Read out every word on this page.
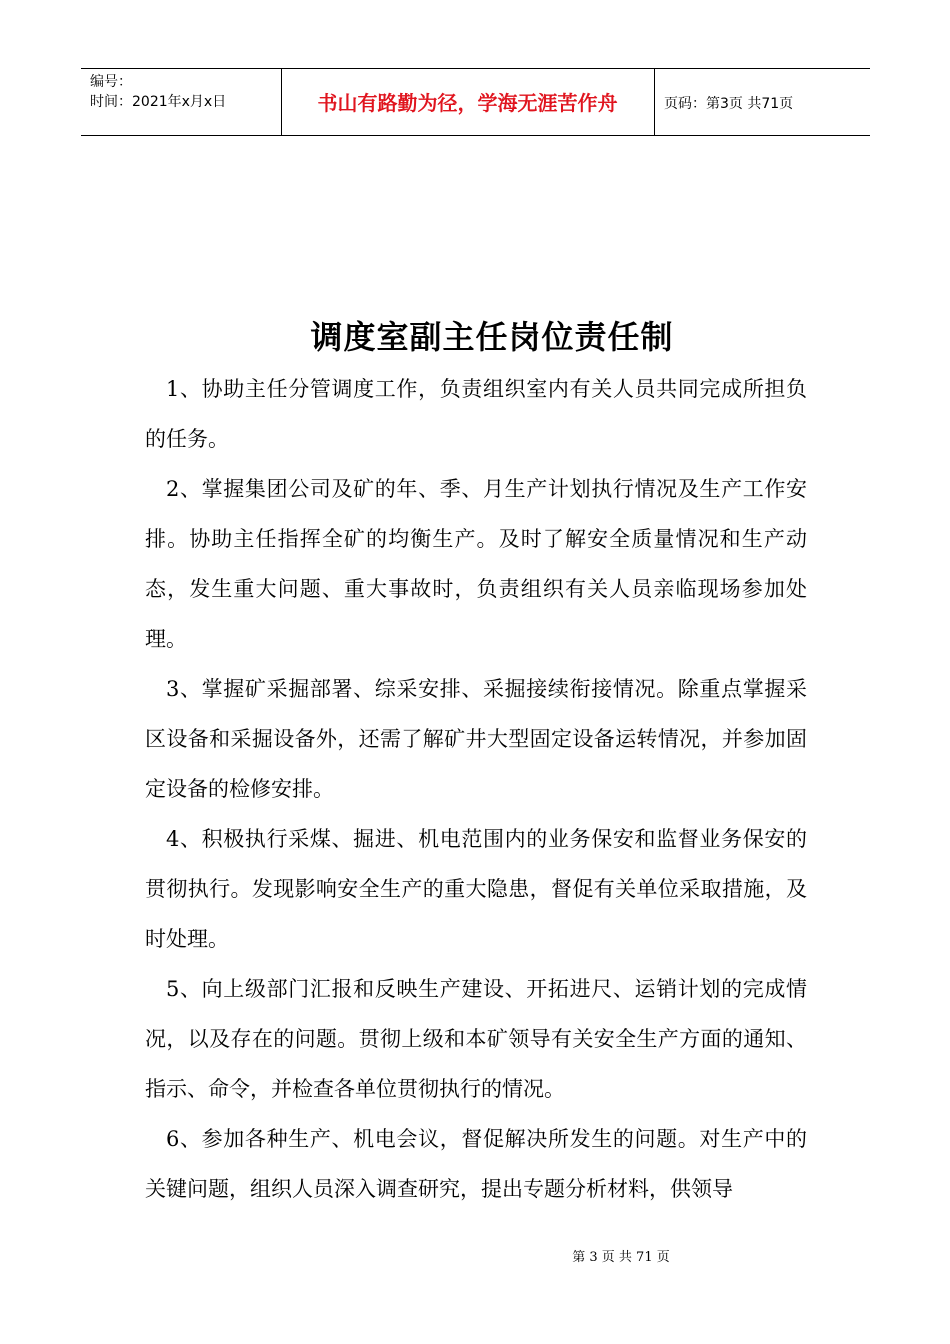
编号：
时间：2021年x月x日	书山有路勤为径，学海无涯苦作舟	页码：第3页 共71页
调度室副主任岗位责任制

1、协助主任分管调度工作，负责组织室内有关人员共同完成所担负的任务。

2、掌握集团公司及矿的年、季、月生产计划执行情况及生产工作安排。协助主任指挥全矿的均衡生产。及时了解安全质量情况和生产动态，发生重大问题、重大事故时，负责组织有关人员亲临现场参加处理。

3、掌握矿采掘部署、综采安排、采掘接续衔接情况。除重点掌握采区设备和采掘设备外，还需了解矿井大型固定设备运转情况，并参加固定设备的检修安排。

4、积极执行采煤、掘进、机电范围内的业务保安和监督业务保安的贯彻执行。发现影响安全生产的重大隐患，督促有关单位采取措施，及时处理。

5、向上级部门汇报和反映生产建设、开拓进尺、运销计划的完成情况，以及存在的问题。贯彻上级和本矿领导有关安全生产方面的通知、指示、命令，并检查各单位贯彻执行的情况。

6、参加各种生产、机电会议，督促解决所发生的问题。对生产中的关键问题，组织人员深入调查研究，提出专题分析材料，供领导

第 3 页 共 71 页
